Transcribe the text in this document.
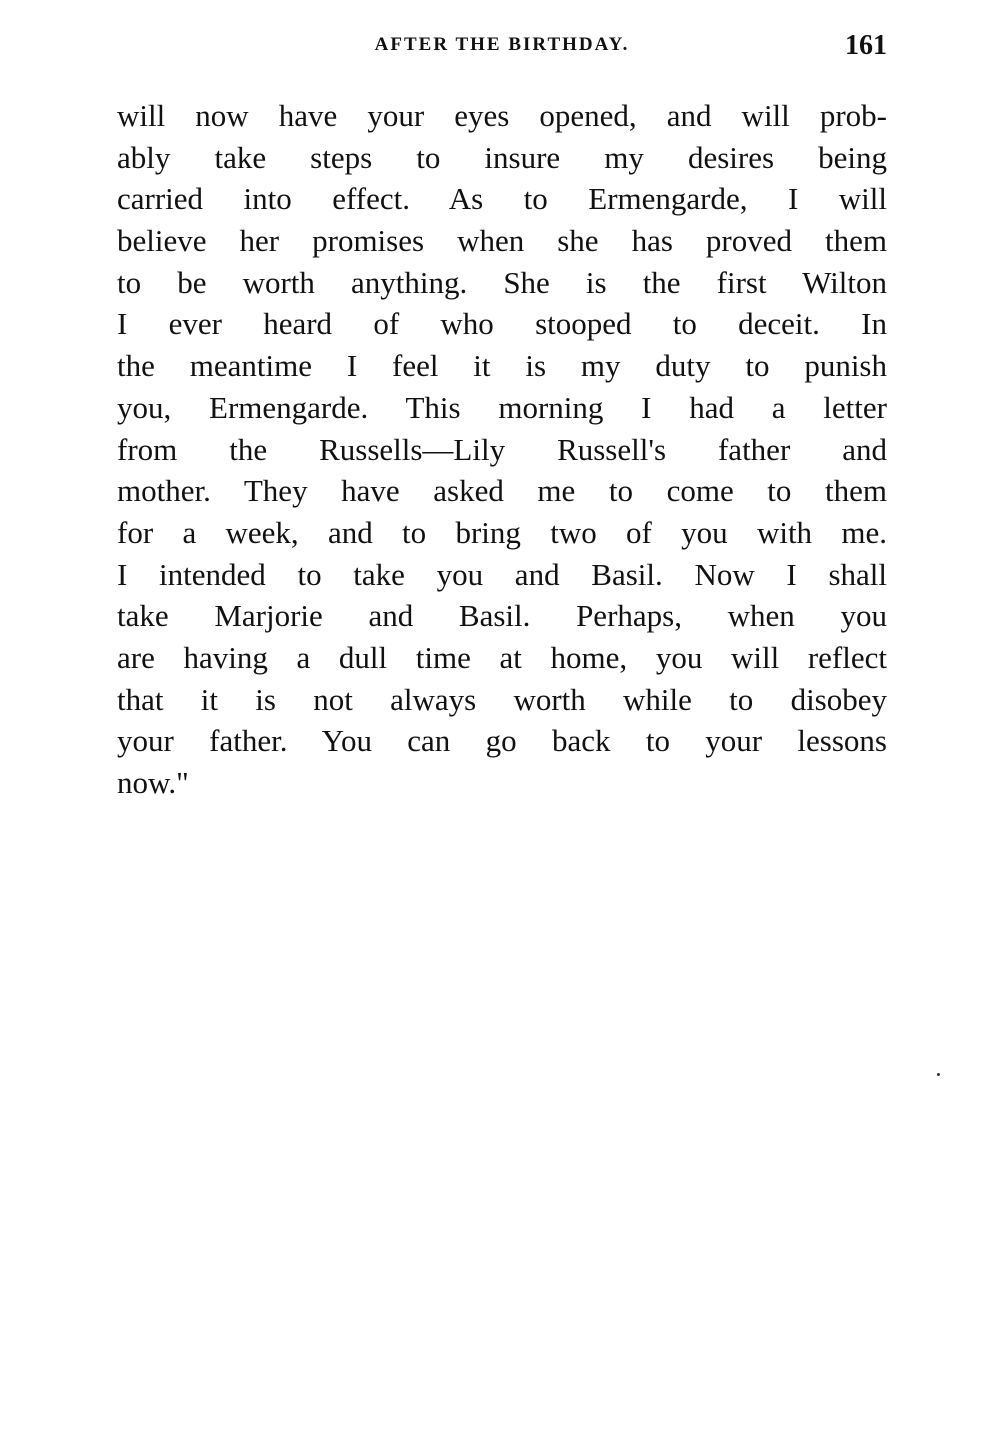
AFTER THE BIRTHDAY.	161
will now have your eyes opened, and will prob-
ably take steps to insure my desires being
carried into effect. As to Ermengarde, I will
believe her promises when she has proved them
to be worth anything. She is the first Wilton
I ever heard of who stooped to deceit. In
the meantime I feel it is my duty to punish
you, Ermengarde. This morning I had a letter
from the Russells—Lily Russell's father and
mother. They have asked me to come to them
for a week, and to bring two of you with me.
I intended to take you and Basil. Now I shall
take Marjorie and Basil. Perhaps, when you
are having a dull time at home, you will reflect
that it is not always worth while to disobey
your father. You can go back to your lessons
now."
